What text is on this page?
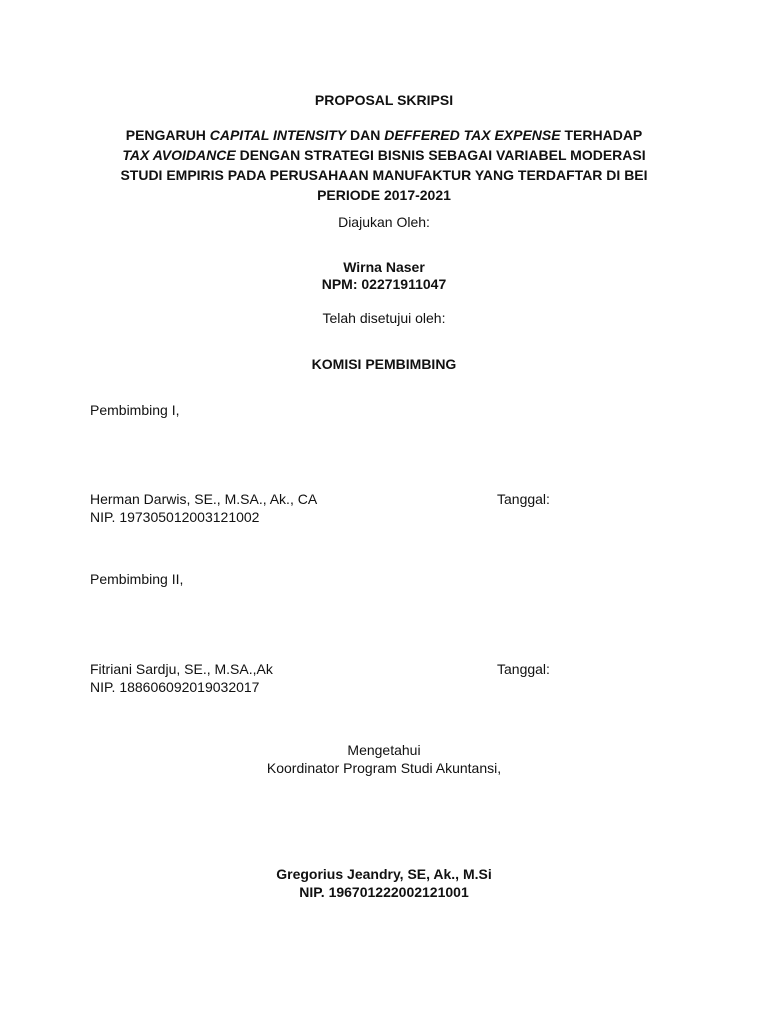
PROPOSAL SKRIPSI
PENGARUH CAPITAL INTENSITY DAN DEFFERED TAX EXPENSE TERHADAP
TAX AVOIDANCE DENGAN STRATEGI BISNIS SEBAGAI VARIABEL MODERASI
STUDI EMPIRIS PADA PERUSAHAAN MANUFAKTUR YANG TERDAFTAR DI BEI
PERIODE 2017-2021
Diajukan Oleh:
Wirna Naser
NPM: 02271911047
Telah disetujui oleh:
KOMISI PEMBIMBING
Pembimbing I,
Herman Darwis, SE., M.SA., Ak., CA	Tanggal:
NIP. 197305012003121002
Pembimbing II,
Fitriani Sardju, SE., M.SA.,Ak	Tanggal:
NIP. 188606092019032017
Mengetahui
Koordinator Program Studi Akuntansi,
Gregorius Jeandry, SE, Ak., M.Si
NIP. 196701222002121001
